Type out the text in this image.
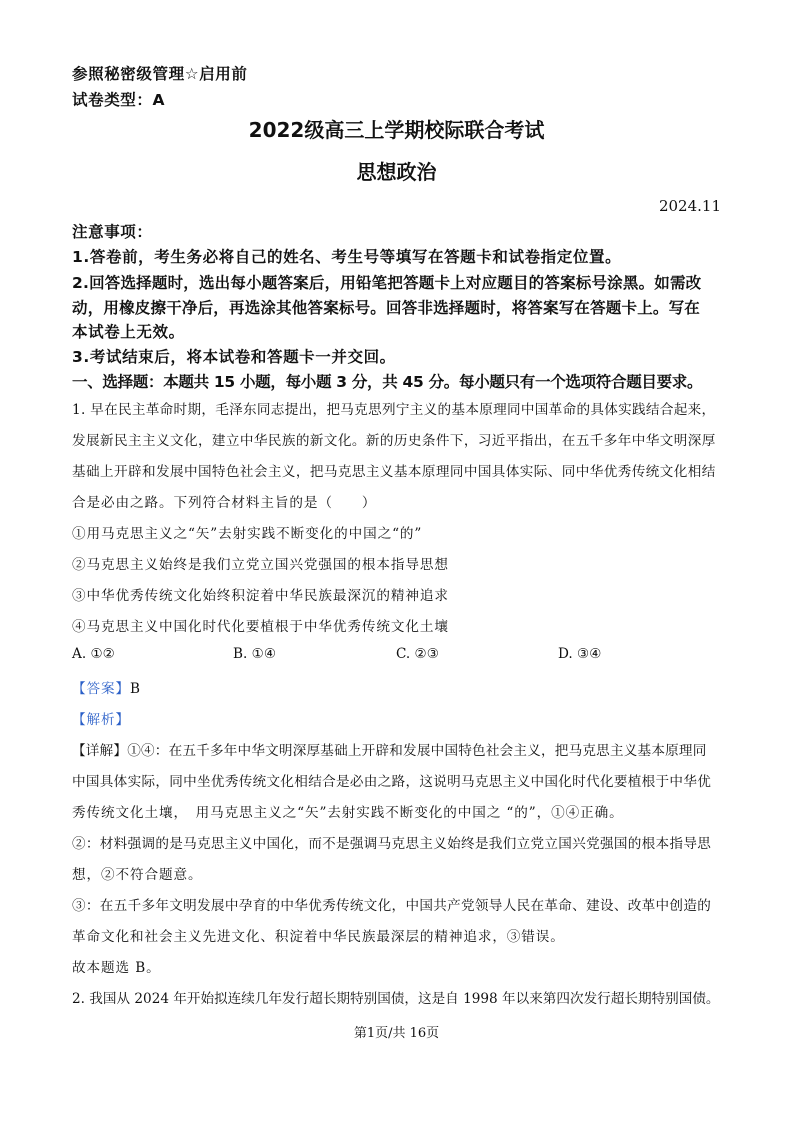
参照秘密级管理☆启用前
试卷类型：A
2022级高三上学期校际联合考试
思想政治
2024.11
注意事项：
1.答卷前，考生务必将自己的姓名、考生号等填写在答题卡和试卷指定位置。
2.回答选择题时，选出每小题答案后，用铅笔把答题卡上对应题目的答案标号涂黑。如需改
动，用橡皮擦干净后，再选涂其他答案标号。回答非选择题时，将答案写在答题卡上。写在
本试卷上无效。
3.考试结束后，将本试卷和答题卡一并交回。
一、选择题：本题共 15 小题，每小题 3 分，共 45 分。每小题只有一个选项符合题目要求。
1. 早在民主革命时期，毛泽东同志提出，把马克思列宁主义的基本原理同中国革命的具体实践结合起来，
发展新民主主义文化，建立中华民族的新文化。新的历史条件下，习近平指出，在五千多年中华文明深厚
基础上开辟和发展中国特色社会主义，把马克思主义基本原理同中国具体实际、同中华优秀传统文化相结
合是必由之路。下列符合材料主旨的是（　　）
①用马克思主义之“矢”去射实践不断变化的中国之“的”
②马克思主义始终是我们立党立国兴党强国的根本指导思想
③中华优秀传统文化始终积淀着中华民族最深沉的精神追求
④马克思主义中国化时代化要植根于中华优秀传统文化土壤
A. ①②	B. ①④	C. ②③	D. ③④
【答案】B
【解析】
【详解】①④：在五千多年中华文明深厚基础上开辟和发展中国特色社会主义，把马克思主义基本原理同
中国具体实际，同中坐优秀传统文化相结合是必由之路，这说明马克思主义中国化时代化要植根于中华优
秀传统文化土壤，　用马克思主义之“矢”去射实践不断变化的中国之 “的”，①④正确。
②：材料强调的是马克思主义中国化，而不是强调马克思主义始终是我们立党立国兴党强国的根本指导思
想，②不符合题意。
③：在五千多年文明发展中孕育的中华优秀传统文化，中国共产党领导人民在革命、建设、改革中创造的
革命文化和社会主义先进文化、积淀着中华民族最深层的精神追求，③错误。
故本题选 B。
2. 我国从 2024 年开始拟连续几年发行超长期特别国债，这是自 1998 年以来第四次发行超长期特别国债。
第1页/共 16页
